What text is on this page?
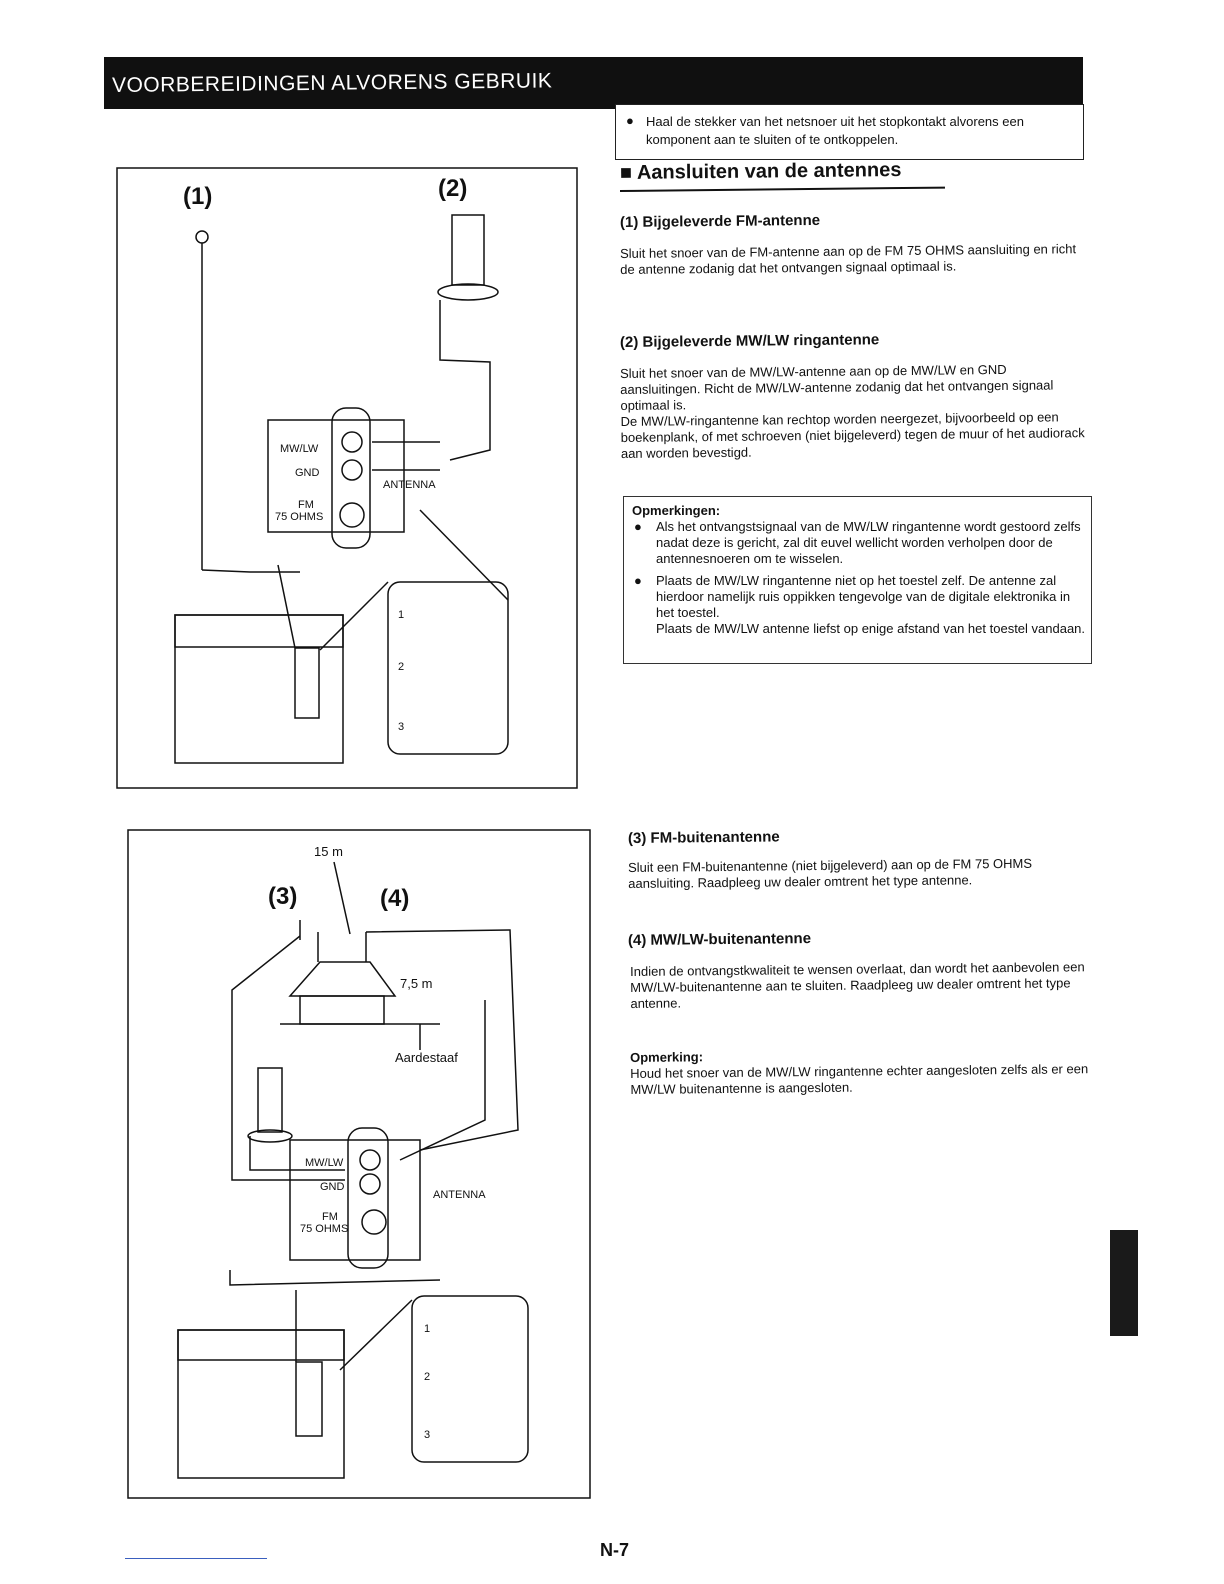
VOORBEREIDINGEN ALVORENS GEBRUIK
● Haal de stekker van het netsnoer uit het stopkontakt alvorens een komponent aan te sluiten of te ontkoppelen.
■ Aansluiten van de antennes
(1) Bijgeleverde FM-antenne
Sluit het snoer van de FM-antenne aan op de FM 75 OHMS aansluiting en richt de antenne zodanig dat het ontvangen signaal optimaal is.
(2) Bijgeleverde MW/LW ringantenne
Sluit het snoer van de MW/LW-antenne aan op de MW/LW en GND aansluitingen. Richt de MW/LW-antenne zodanig dat het ontvangen signaal optimaal is.
De MW/LW-ringantenne kan rechtop worden neergezet, bijvoorbeeld op een boekenplank, of met schroeven (niet bijgeleverd) tegen de muur of het audiorack aan worden bevestigd.
Opmerkingen:
● Als het ontvangstsignaal van de MW/LW ringantenne wordt gestoord zelfs nadat deze is gericht, zal dit euvel wellicht worden verholpen door de antennesnoeren om te wisselen.
● Plaats de MW/LW ringantenne niet op het toestel zelf. De antenne zal hierdoor namelijk ruis oppikken tengevolge van de digitale elektronika in het toestel.
Plaats de MW/LW antenne liefst op enige afstand van het toestel vandaan.
(3) FM-buitenantenne
Sluit een FM-buitenantenne (niet bijgeleverd) aan op de FM 75 OHMS aansluiting. Raadpleeg uw dealer omtrent het type antenne.
(4) MW/LW-buitenantenne
Indien de ontvangstkwaliteit te wensen overlaat, dan wordt het aanbevolen een MW/LW-buitenantenne aan te sluiten. Raadpleeg uw dealer omtrent het type antenne.
Opmerking:
Houd het snoer van de MW/LW ringantenne echter aangesloten zelfs als er een MW/LW buitenantenne is aangesloten.
(1)	(2)
MW/LW
GND
FM
75 OHMS
ANTENNA
1
2
3
15 m
(3)	(4)
7,5 m
Aardestaaf
MW/LW
GND
FM
75 OHMS
ANTENNA
1
2
3
N-7
